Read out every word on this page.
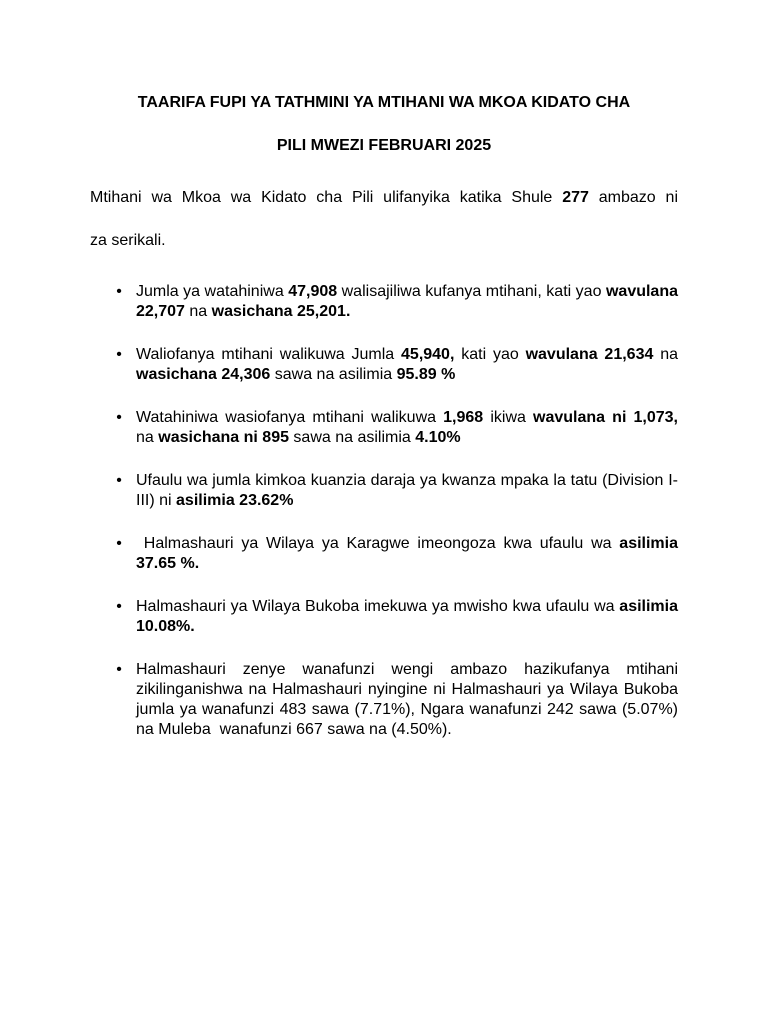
TAARIFA FUPI YA TATHMINI YA MTIHANI WA MKOA KIDATO CHA
PILI MWEZI FEBRUARI 2025

Mtihani wa Mkoa wa Kidato cha Pili ulifanyika katika Shule 277 ambazo ni

za serikali.

• Jumla ya watahiniwa 47,908 walisajiliwa kufanya mtihani, kati yao wavulana 22,707 na wasichana 25,201.
• Waliofanya mtihani walikuwa Jumla 45,940, kati yao wavulana 21,634 na wasichana 24,306 sawa na asilimia 95.89 %
• Watahiniwa wasiofanya mtihani walikuwa 1,968 ikiwa wavulana ni 1,073, na wasichana ni 895 sawa na asilimia 4.10%
• Ufaulu wa jumla kimkoa kuanzia daraja ya kwanza mpaka la tatu (Division I-III) ni asilimia 23.62%
• Halmashauri ya Wilaya ya Karagwe imeongoza kwa ufaulu wa asilimia 37.65 %.
• Halmashauri ya Wilaya Bukoba imekuwa ya mwisho kwa ufaulu wa asilimia 10.08%.
• Halmashauri zenye wanafunzi wengi ambazo hazikufanya mtihani zikilinganishwa na Halmashauri nyingine ni Halmashauri ya Wilaya Bukoba jumla ya wanafunzi 483 sawa (7.71%), Ngara wanafunzi 242 sawa (5.07%) na Muleba  wanafunzi 667 sawa na (4.50%).
